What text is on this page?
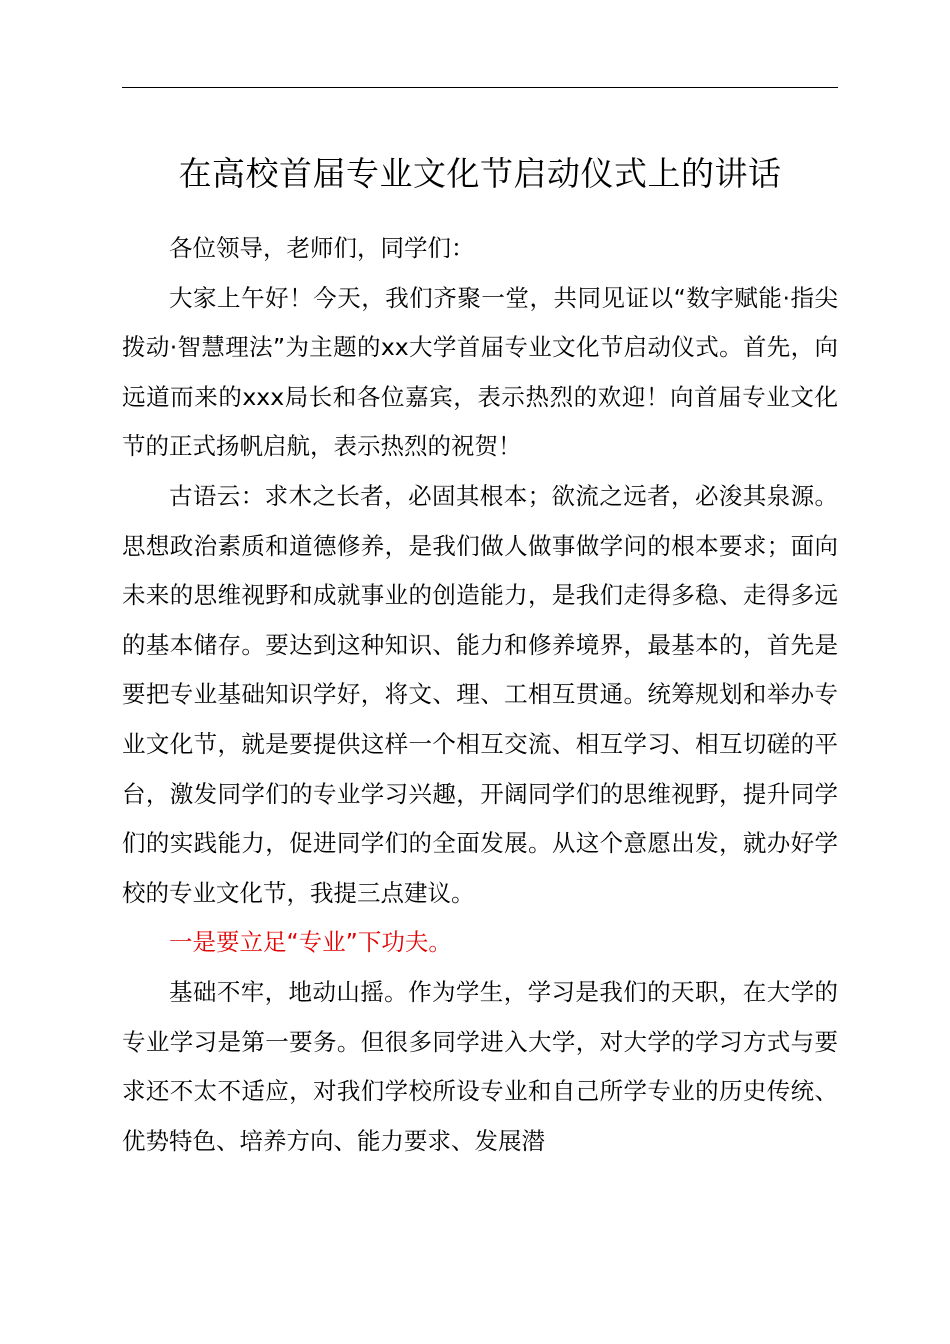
在高校首届专业文化节启动仪式上的讲话

各位领导，老师们，同学们：

大家上午好！今天，我们齐聚一堂，共同见证以“数字赋能·指尖拨动·智慧理法”为主题的xx大学首届专业文化节启动仪式。首先，向远道而来的xxx局长和各位嘉宾，表示热烈的欢迎！向首届专业文化节的正式扬帆启航，表示热烈的祝贺！

古语云：求木之长者，必固其根本；欲流之远者，必浚其泉源。思想政治素质和道德修养，是我们做人做事做学问的根本要求；面向未来的思维视野和成就事业的创造能力，是我们走得多稳、走得多远的基本储存。要达到这种知识、能力和修养境界，最基本的，首先是要把专业基础知识学好，将文、理、工相互贯通。统筹规划和举办专业文化节，就是要提供这样一个相互交流、相互学习、相互切磋的平台，激发同学们的专业学习兴趣，开阔同学们的思维视野，提升同学们的实践能力，促进同学们的全面发展。从这个意愿出发，就办好学校的专业文化节，我提三点建议。

一是要立足“专业”下功夫。

基础不牢，地动山摇。作为学生，学习是我们的天职，在大学的专业学习是第一要务。但很多同学进入大学，对大学的学习方式与要求还不太不适应，对我们学校所设专业和自己所学专业的历史传统、优势特色、培养方向、能力要求、发展潜
